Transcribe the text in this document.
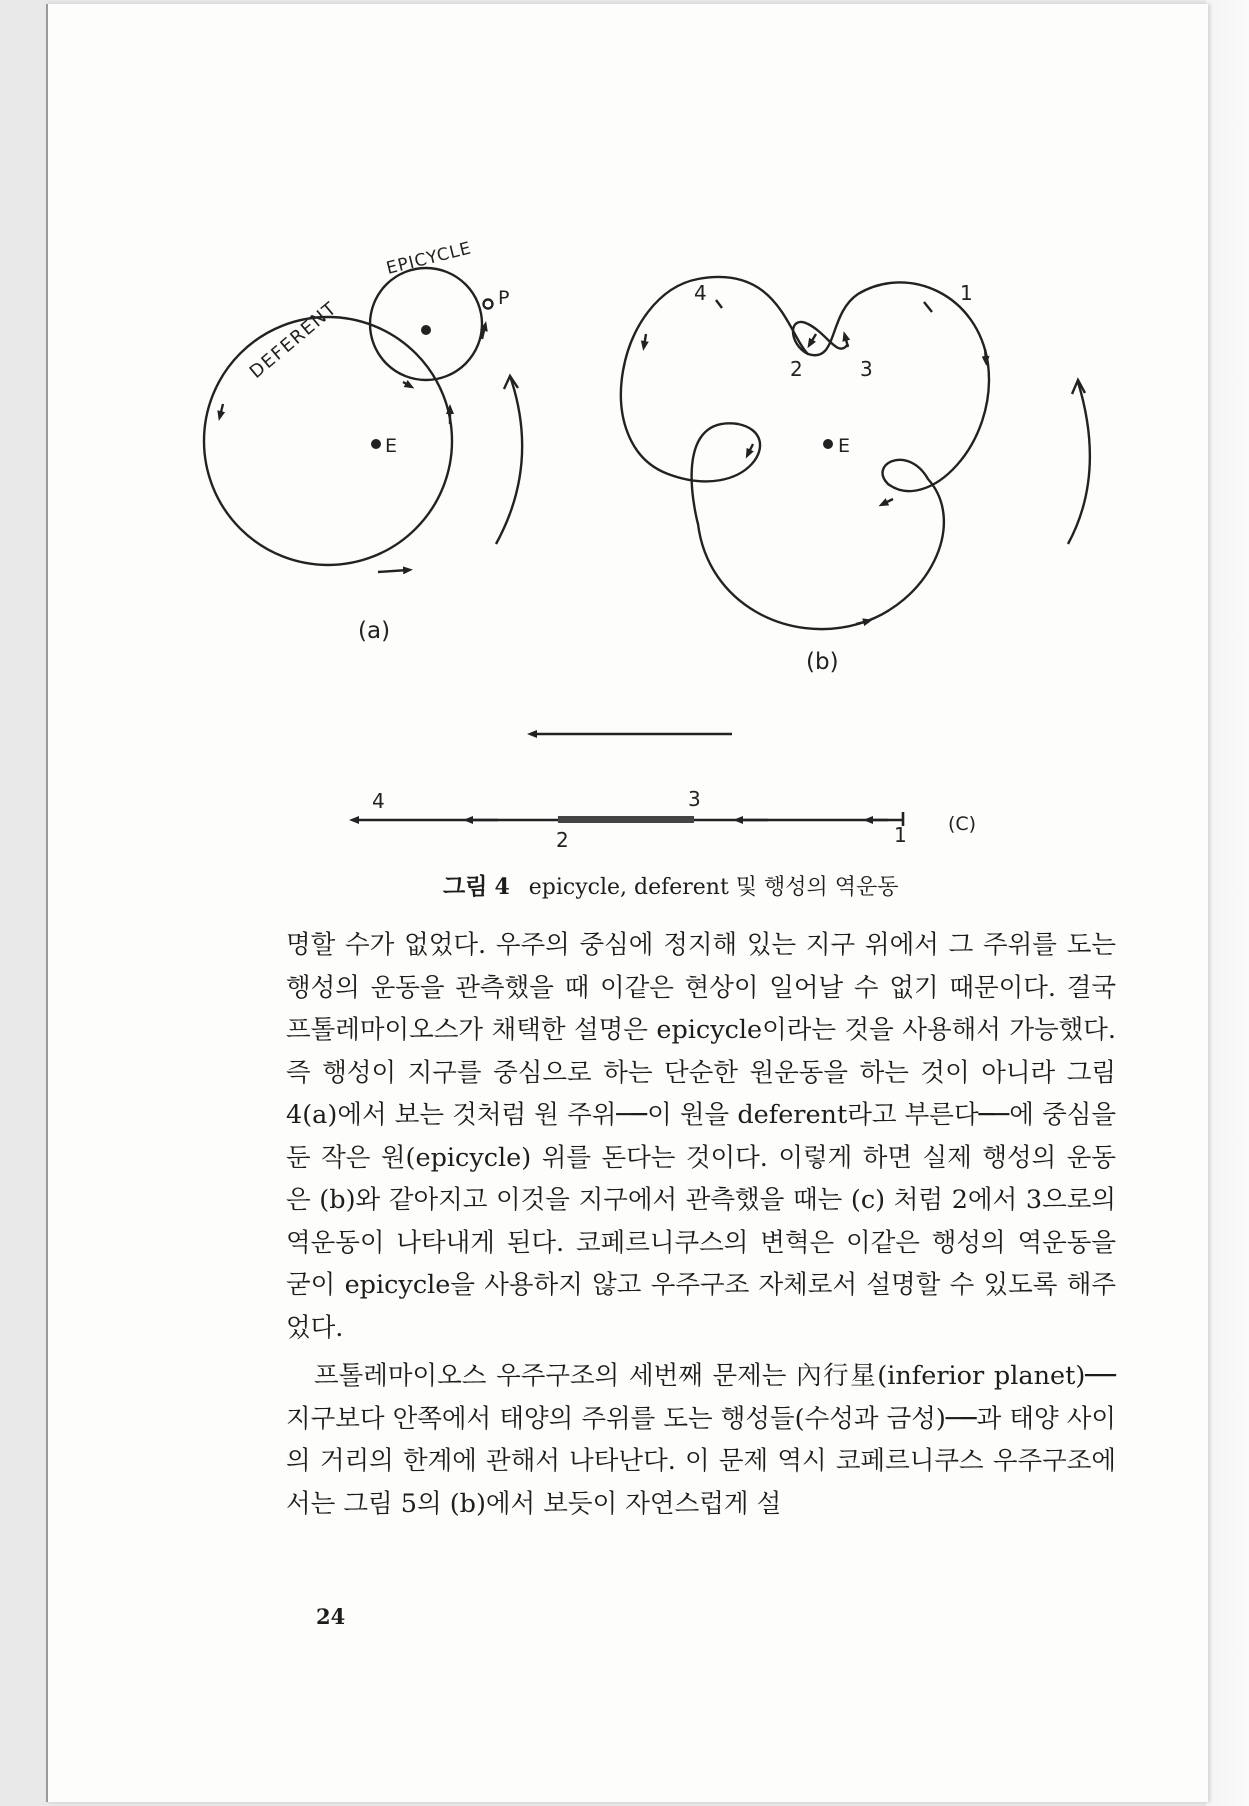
EPICYCLE
DEFERENT	P
E
(a)
1
2	3
4
E
(b)
4	3
2	1 (C)
그림 4 epicycle, deferent 및 행성의 역운동

명할 수가 없었다. 우주의 중심에 정지해 있는 지구 위에서 그 주위를 도는 행성의 운동을 관측했을 때 이같은 현상이 일어날 수 없기 때문이다. 결국 프톨레마이오스가 채택한 설명은 epicycle이라는 것을 사용해서 가능했다. 즉 행성이 지구를 중심으로 하는 단순한 원운동을 하는 것이 아니라 그림 4(a)에서 보는 것처럼 원 주위──이 원을 deferent라고 부른다──에 중심을 둔 작은 원(epicycle) 위를 돈다는 것이다. 이렇게 하면 실제 행성의 운동은 (b)와 같아지고 이것을 지구에서 관측했을 때는 (c) 처럼 2에서 3으로의 역운동이 나타내게 된다. 코페르니쿠스의 변혁은 이같은 행성의 역운동을 굳이 epicycle을 사용하지 않고 우주구조 자체로서 설명할 수 있도록 해주었다.

프톨레마이오스 우주구조의 세번째 문제는 內行星(inferior planet)──지구보다 안쪽에서 태양의 주위를 도는 행성들(수성과 금성)──과 태양 사이의 거리의 한계에 관해서 나타난다. 이 문제 역시 코페르니쿠스 우주구조에서는 그림 5의 (b)에서 보듯이 자연스럽게 설

24
